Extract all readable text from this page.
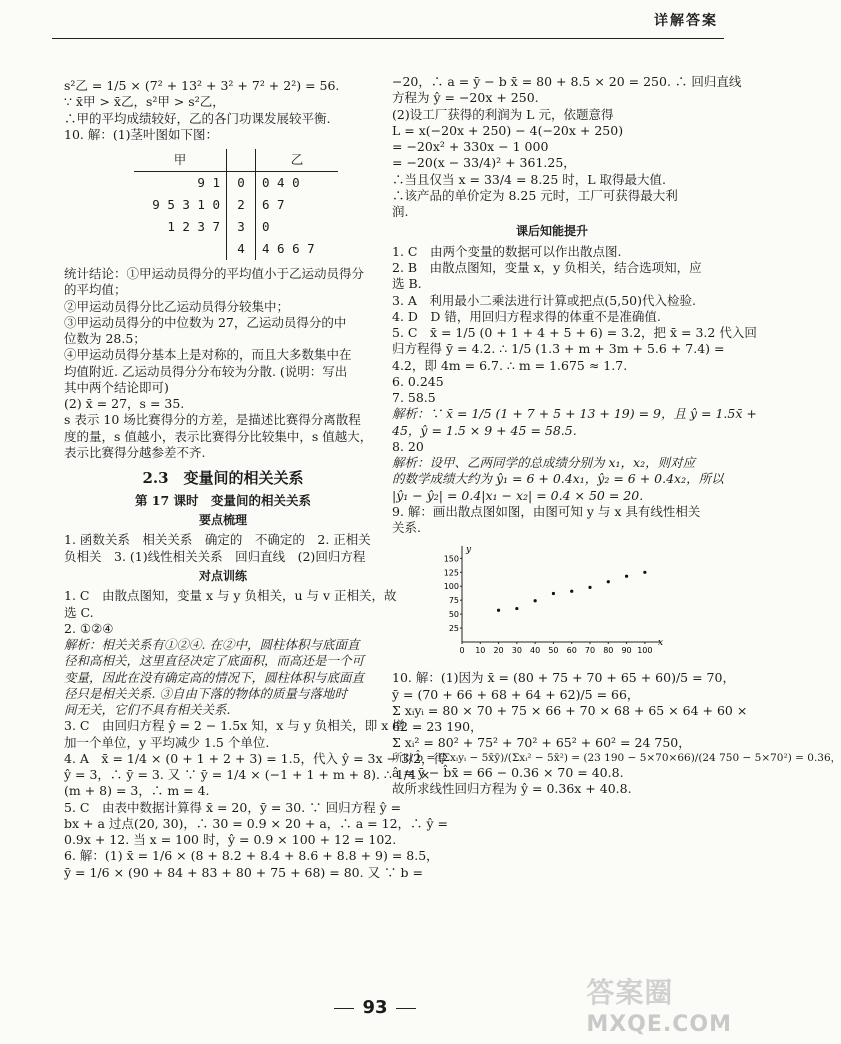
详解答案

s²乙 = 1/5 × (7² + 13² + 3² + 7² + 2²) = 56.

∵ x̄甲 > x̄乙，s²甲 > s²乙，

∴甲的平均成绩较好，乙的各门功课发展较平衡.

10. 解：(1)茎叶图如下图：

甲		乙
9 1	0	0 4 0
9 5 3 1 0	2	6 7
1 2 3 7	3	0
	4	4 6 6 7

统计结论：①甲运动员得分的平均值小于乙运动员得分

的平均值；

②甲运动员得分比乙运动员得分较集中；

③甲运动员得分的中位数为 27，乙运动员得分的中

位数为 28.5；

④甲运动员得分基本上是对称的，而且大多数集中在

均值附近. 乙运动员得分分布较为分散. (说明：写出

其中两个结论即可)

(2) x̄ = 27，s = 35.

s 表示 10 场比赛得分的方差，是描述比赛得分离散程

度的量，s 值越小，表示比赛得分比较集中，s 值越大，

表示比赛得分越参差不齐.

2.3　变量间的相关关系
第 17 课时　变量间的相关关系
要点梳理

1. 函数关系　相关关系　确定的　不确定的　2. 正相关

负相关　3. (1)线性相关关系　回归直线　(2)回归方程

对点训练

1. C　由散点图知，变量 x 与 y 负相关，u 与 v 正相关，故

选 C.

2. ①②④

解析：相关关系有①②④. 在②中，圆柱体积与底面直

径和高相关，这里直径决定了底面积，而高还是一个可

变量，因此在没有确定高的情况下，圆柱体积与底面直

径只是相关关系. ③自由下落的物体的质量与落地时

间无关，它们不具有相关关系.

3. C　由回归方程 ŷ = 2 − 1.5x 知，x 与 y 负相关，即 x 增

加一个单位，y 平均减少 1.5 个单位.

4. A　x̄ = 1/4 × (0 + 1 + 2 + 3) = 1.5，代入 ŷ = 3x − 3/2，得

ŷ = 3，∴ ȳ = 3. 又 ∵ ȳ = 1/4 × (−1 + 1 + m + 8). ∴ 1/4 ×

(m + 8) = 3，∴ m = 4.

5. C　由表中数据计算得 x̄ = 20，ȳ = 30. ∵ 回归方程 ŷ =

bx + a 过点(20, 30)，∴ 30 = 0.9 × 20 + a，∴ a = 12，∴ ŷ =

0.9x + 12. 当 x = 100 时，ŷ = 0.9 × 100 + 12 = 102.

6. 解：(1) x̄ = 1/6 × (8 + 8.2 + 8.4 + 8.6 + 8.8 + 9) = 8.5，

ȳ = 1/6 × (90 + 84 + 83 + 80 + 75 + 68) = 80. 又 ∵ b =

−20，∴ a = ȳ − b x̄ = 80 + 8.5 × 20 = 250. ∴ 回归直线

方程为 ŷ = −20x + 250.

(2)设工厂获得的利润为 L 元，依题意得

L = x(−20x + 250) − 4(−20x + 250)

= −20x² + 330x − 1 000

= −20(x − 33/4)² + 361.25，

∴当且仅当 x = 33/4 = 8.25 时，L 取得最大值.

∴该产品的单价定为 8.25 元时，工厂可获得最大利

润.

课后知能提升

1. C　由两个变量的数据可以作出散点图.

2. B　由散点图知，变量 x，y 负相关，结合选项知，应

选 B.

3. A　利用最小二乘法进行计算或把点(5,50)代入检验.

4. D　D 错，用回归方程求得的体重不是准确值.

5. C　x̄ = 1/5 (0 + 1 + 4 + 5 + 6) = 3.2，把 x̄ = 3.2 代入回

归方程得 ȳ = 4.2. ∴ 1/5 (1.3 + m + 3m + 5.6 + 7.4) =

4.2，即 4m = 6.7. ∴ m = 1.675 ≈ 1.7.

6. 0.245

7. 58.5

解析：∵ x̄ = 1/5 (1 + 7 + 5 + 13 + 19) = 9，且 ŷ = 1.5x̄ +

45，ŷ = 1.5 × 9 + 45 = 58.5.

8. 20

解析：设甲、乙两同学的总成绩分别为 x₁，x₂，则对应

的数学成绩大约为 ŷ₁ = 6 + 0.4x₁，ŷ₂ = 6 + 0.4x₂，所以

|ŷ₁ − ŷ₂| = 0.4|x₁ − x₂| = 0.4 × 50 = 20.

9. 解：画出散点图如图，由图可知 y 与 x 具有线性相关

关系.

y
x
25
50
75
100
125
150
0 10 20 30 40 50 60 70 80 90 100

10. 解：(1)因为 x̄ = (80 + 75 + 70 + 65 + 60)/5 = 70，

ȳ = (70 + 66 + 68 + 64 + 62)/5 = 66，

Σ xᵢyᵢ = 80 × 70 + 75 × 66 + 70 × 68 + 65 × 64 + 60 ×

62 = 23 190，

Σ xᵢ² = 80² + 75² + 70² + 65² + 60² = 24 750，

所以 b̂ = (Σxᵢyᵢ − 5x̄ȳ)/(Σxᵢ² − 5x̄²) = (23 190 − 5×70×66)/(24 750 − 5×70²) = 0.36，

â = ȳ − b̂x̄ = 66 − 0.36 × 70 = 40.8.

故所求线性回归方程为 ŷ = 0.36x + 40.8.

93	答案圈
MXQE.COM
